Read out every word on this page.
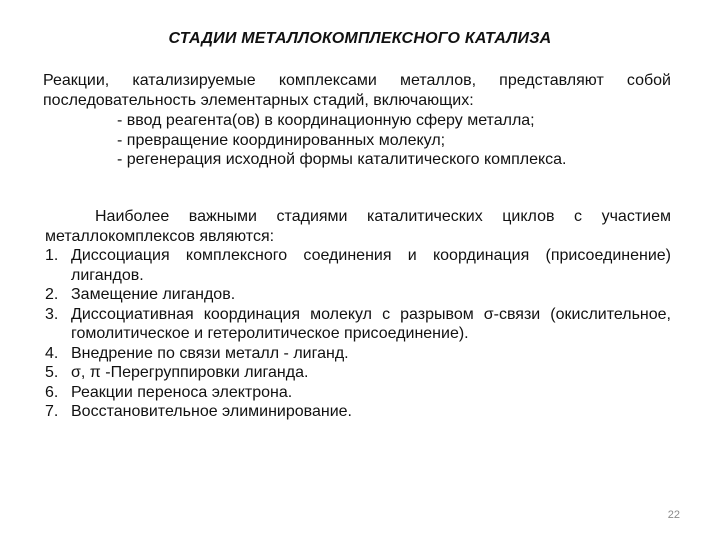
СТАДИИ МЕТАЛЛОКОМПЛЕКСНОГО КАТАЛИЗА
Реакции, катализируемые комплексами металлов, представляют собой последовательность элементарных стадий, включающих:
- ввод реагента(ов) в координационную сферу металла;
- превращение координированных молекул;
- регенерация исходной формы каталитического комплекса.
Наиболее важными стадиями каталитических циклов с участием металлокомплексов являются:
1. Диссоциация комплексного соединения и координация (присоединение) лигандов.
2. Замещение лигандов.
3. Диссоциативная координация молекул с разрывом σ-связи (окислительное, гомолитическое и гетеролитическое присоединение).
4. Внедрение по связи металл - лиганд.
5. σ, π -Перегруппировки лиганда.
6. Реакции переноса электрона.
7. Восстановительное элиминирование.
22
